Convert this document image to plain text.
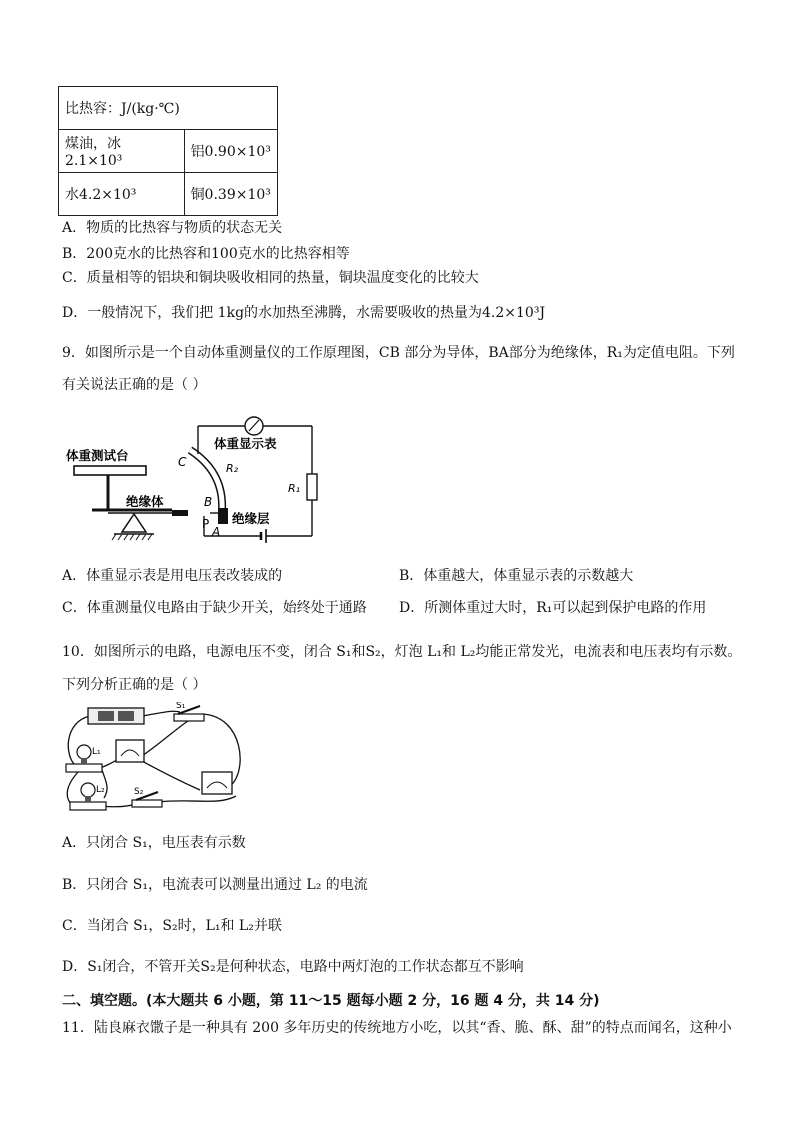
比热容：J/(kg·℃)	
煤油，冰2.1×10³	铝0.90×10³
水4.2×10³	铜0.39×10³
A．物质的比热容与物质的状态无关
B．200克水的比热容和100克水的比热容相等
C．质量相等的铝块和铜块吸收相同的热量，铜块温度变化的比较大
D．一般情况下，我们把 1kg的水加热至沸腾，水需要吸收的热量为4.2×10³J
9．如图所示是一个自动体重测量仪的工作原理图，CB 部分为导体，BA部分为绝缘体，R₁为定值电阻。下列
有关说法正确的是（ ）
体重测试台
绝缘体
体重显示表
绝缘层
C
B
P
A
R₂
R₁
A．体重显示表是用电压表改装成的	B．体重越大，体重显示表的示数越大
C．体重测量仪电路由于缺少开关，始终处于通路 D．所测体重过大时，R₁可以起到保护电路的作用
10．如图所示的电路，电源电压不变，闭合 S₁和S₂，灯泡 L₁和 L₂均能正常发光，电流表和电压表均有示数。
下列分析正确的是（ ）
S₁
L₁
L₂	S₂
A．只闭合 S₁，电压表有示数
B．只闭合 S₁，电流表可以测量出通过 L₂ 的电流
C．当闭合 S₁，S₂时，L₁和 L₂并联
D．S₁闭合，不管开关S₂是何种状态，电路中两灯泡的工作状态都互不影响
二、填空题。(本大题共 6 小题，第 11～15 题每小题 2 分，16 题 4 分，共 14 分)
11．陆良麻衣馓子是一种具有 200 多年历史的传统地方小吃，以其“香、脆、酥、甜”的特点而闻名，这种小
